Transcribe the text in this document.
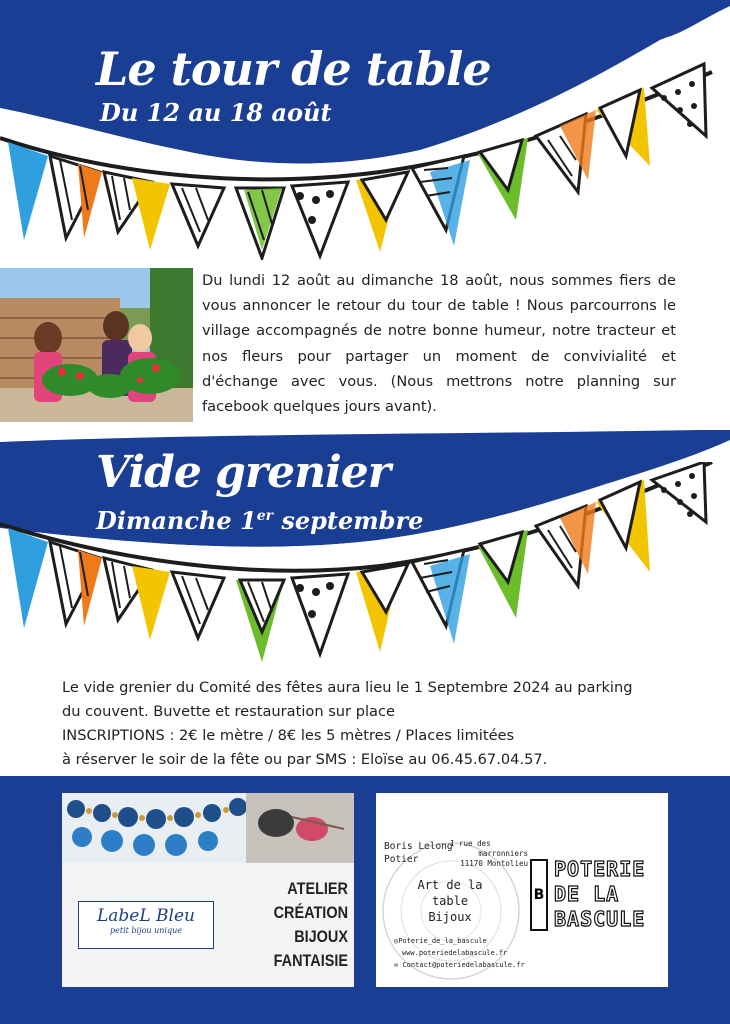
Le tour de table
Du 12 au 18 août
Du lundi 12 août au dimanche 18 août, nous sommes fiers de vous annoncer le retour du tour de table ! Nous parcourrons le village accompagnés de notre bonne humeur, notre tracteur et nos fleurs pour partager un moment de convivialité et d'échange avec vous. (Nous mettrons notre planning sur facebook quelques jours avant).
Vide grenier
Dimanche 1er septembre
Le vide grenier du Comité des fêtes aura lieu le 1 Septembre 2024 au parking
du couvent. Buvette et restauration sur place
INSCRIPTIONS : 2€ le mètre / 8€ les 5 mètres / Places limitées
à réserver le soir de la fête ou par SMS : Eloïse au 06.45.67.04.57.
LabeL Bleu
petit bijou unique
ATELIER
CRÉATION
BIJOUX
FANTAISIE
Boris Lelong
Potier
1 rue des
marronniers
11170 Montolieu
Art de la
table
Bijoux
◎Poterie_de_la_bascule
www.poteriedelabascule.fr
✉ Contact@poteriedelabascule.fr
B
POTERIE
DE LA
BASCULE
